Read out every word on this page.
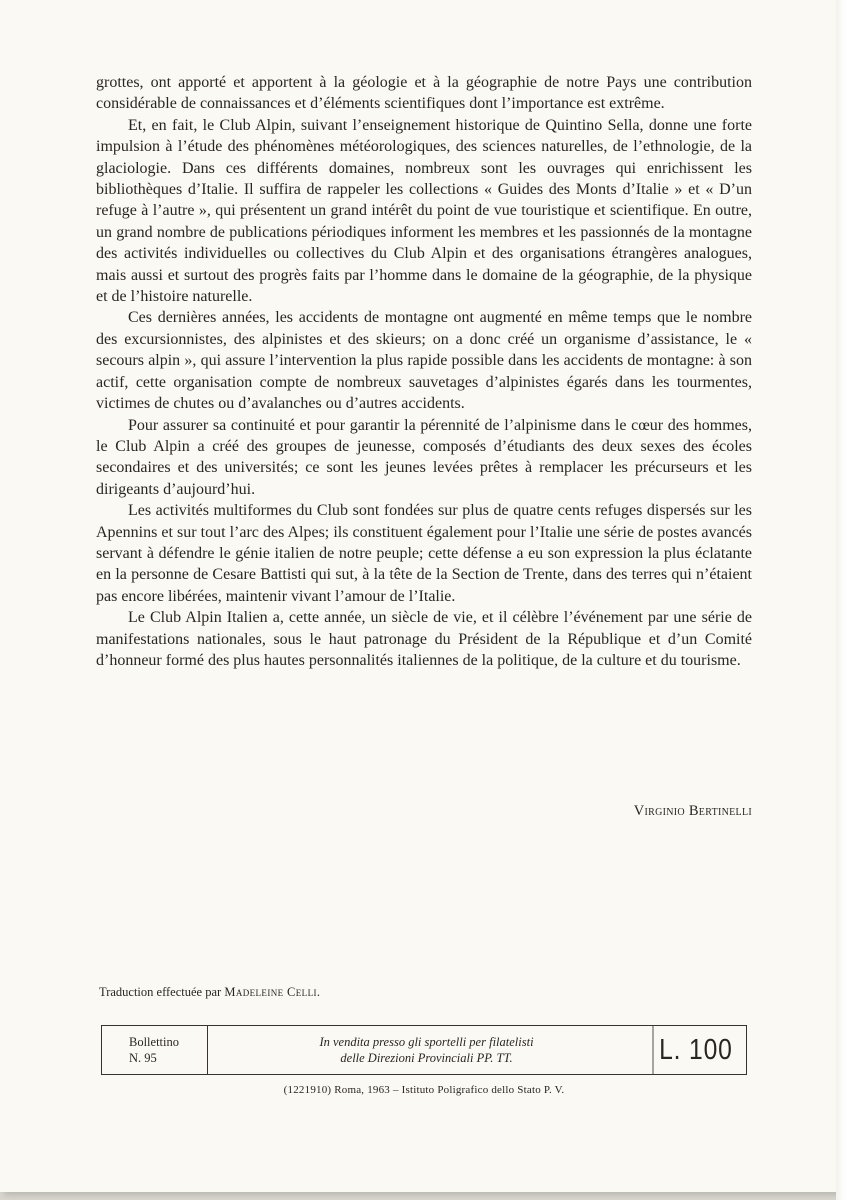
grottes, ont apporté et apportent à la géologie et à la géographie de notre Pays une contribution considérable de connaissances et d’éléments scientifiques dont l’importance est extrême.

Et, en fait, le Club Alpin, suivant l’enseignement historique de Quintino Sella, donne une forte impulsion à l’étude des phénomènes météorologiques, des sciences naturelles, de l’ethnologie, de la glaciologie. Dans ces différents domaines, nombreux sont les ouvrages qui enrichissent les bibliothèques d’Italie. Il suffira de rappeler les collections « Guides des Monts d’Italie » et « D’un refuge à l’autre », qui présentent un grand intérêt du point de vue touristique et scientifique. En outre, un grand nombre de publications périodiques informent les membres et les passionnés de la montagne des activités individuelles ou collectives du Club Alpin et des organisations étrangères analogues, mais aussi et surtout des progrès faits par l’homme dans le domaine de la géographie, de la physique et de l’histoire naturelle.

Ces dernières années, les accidents de montagne ont augmenté en même temps que le nombre des excursionnistes, des alpinistes et des skieurs; on a donc créé un organisme d’assistance, le « secours alpin », qui assure l’intervention la plus rapide possible dans les accidents de montagne: à son actif, cette organisation compte de nombreux sauvetages d’alpinistes égarés dans les tourmentes, victimes de chutes ou d’avalanches ou d’autres accidents.

Pour assurer sa continuité et pour garantir la pérennité de l’alpinisme dans le cœur des hommes, le Club Alpin a créé des groupes de jeunesse, composés d’étudiants des deux sexes des écoles secondaires et des universités; ce sont les jeunes levées prêtes à remplacer les précurseurs et les dirigeants d’aujourd’hui.

Les activités multiformes du Club sont fondées sur plus de quatre cents refuges dispersés sur les Apennins et sur tout l’arc des Alpes; ils constituent également pour l’Italie une série de postes avancés servant à défendre le génie italien de notre peuple; cette défense a eu son expression la plus éclatante en la personne de Cesare Battisti qui sut, à la tête de la Section de Trente, dans des terres qui n’étaient pas encore libérées, maintenir vivant l’amour de l’Italie.

Le Club Alpin Italien a, cette année, un siècle de vie, et il célèbre l’événement par une série de manifestations nationales, sous le haut patronage du Président de la République et d’un Comité d’honneur formé des plus hautes personnalités italiennes de la politique, de la culture et du tourisme.

Virginio Bertinelli
Traduction effectuée par Madeleine Celli.
Bollettino
N. 95
In vendita presso gli sportelli per filatelisti
delle Direzioni Provinciali PP. TT.	L. 100
(1221910) Roma, 1963 – Istituto Poligrafico dello Stato P. V.
